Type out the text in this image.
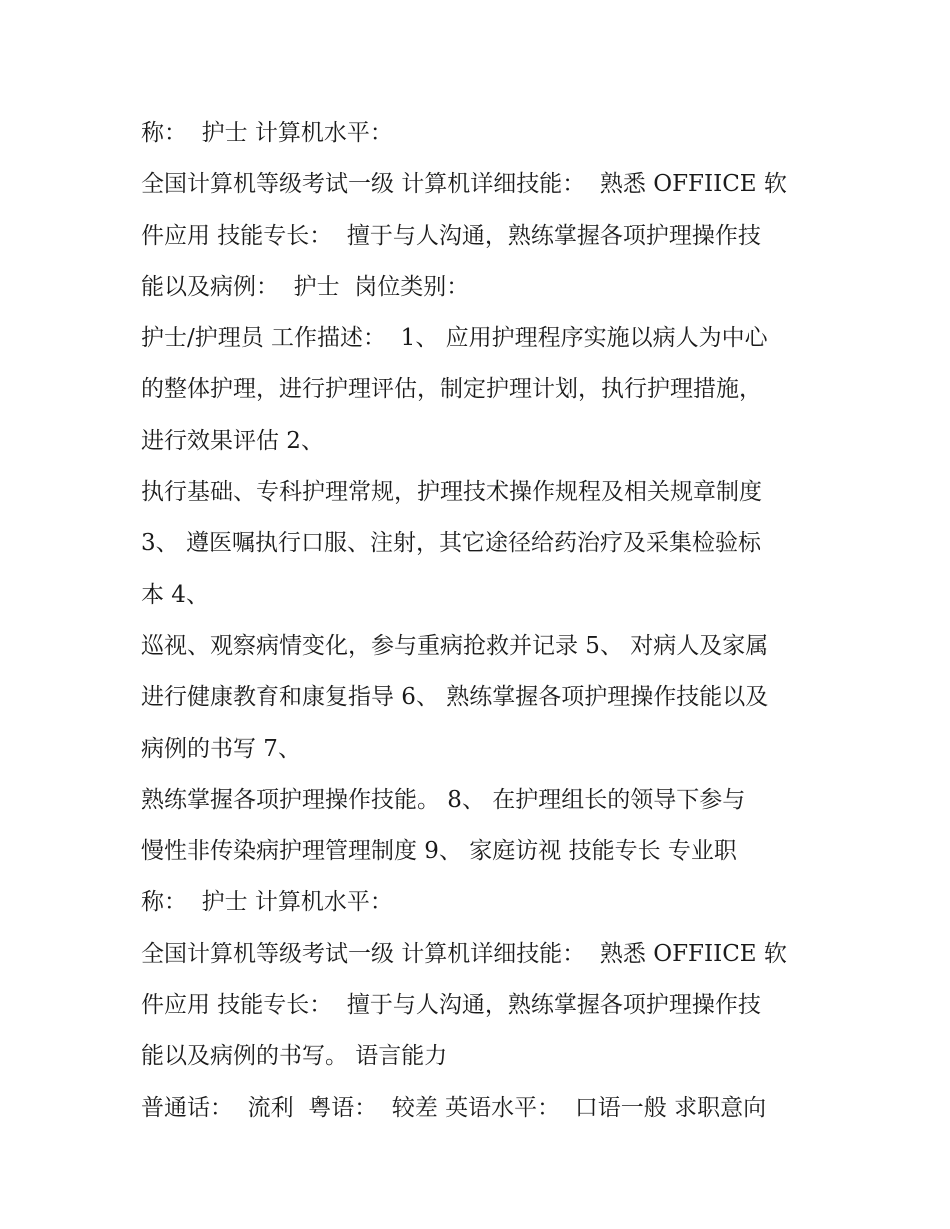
称：  护士 计算机水平：
全国计算机等级考试一级 计算机详细技能：  熟悉 OFFIICE 软
件应用 技能专长：  擅于与人沟通，熟练掌握各项护理操作技
能以及病例：  护士  岗位类别：
护士/护理员 工作描述：  1、 应用护理程序实施以病人为中心
的整体护理，进行护理评估，制定护理计划，执行护理措施，
进行效果评估 2、
执行基础、专科护理常规，护理技术操作规程及相关规章制度
3、 遵医嘱执行口服、注射，其它途径给药治疗及采集检验标
本 4、
巡视、观察病情变化，参与重病抢救并记录 5、 对病人及家属
进行健康教育和康复指导 6、 熟练掌握各项护理操作技能以及
病例的书写 7、
熟练掌握各项护理操作技能。 8、 在护理组长的领导下参与
慢性非传染病护理管理制度 9、 家庭访视 技能专长 专业职
称：  护士 计算机水平：
全国计算机等级考试一级 计算机详细技能：  熟悉 OFFIICE 软
件应用 技能专长：  擅于与人沟通，熟练掌握各项护理操作技
能以及病例的书写。 语言能力
普通话：  流利  粤语：  较差 英语水平：  口语一般 求职意向
